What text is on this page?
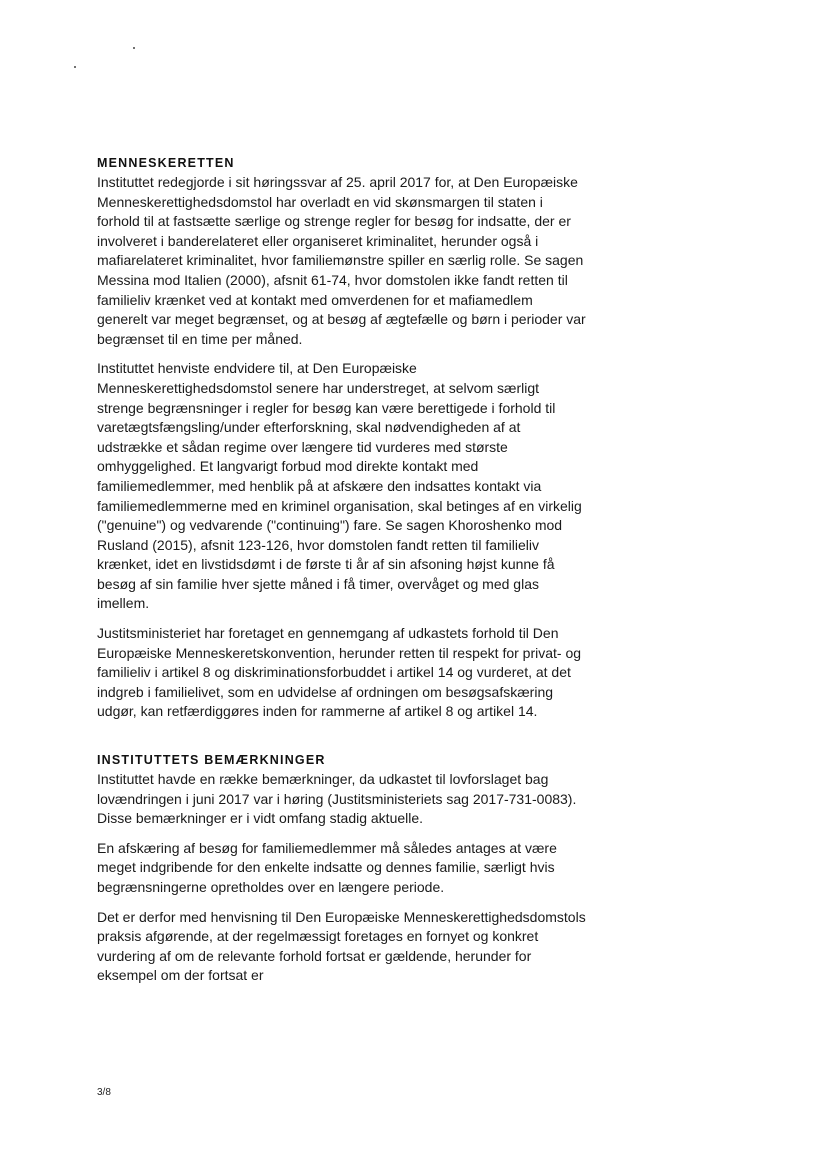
MENNESKERETTEN

Instituttet redegjorde i sit høringssvar af 25. april 2017 for, at Den Europæiske Menneskerettighedsdomstol har overladt en vid skønsmargen til staten i forhold til at fastsætte særlige og strenge regler for besøg for indsatte, der er involveret i banderelateret eller organiseret kriminalitet, herunder også i mafiarelateret kriminalitet, hvor familiemønstre spiller en særlig rolle. Se sagen Messina mod Italien (2000), afsnit 61-74, hvor domstolen ikke fandt retten til familieliv krænket ved at kontakt med omverdenen for et mafiamedlem generelt var meget begrænset, og at besøg af ægtefælle og børn i perioder var begrænset til en time per måned.

Instituttet henviste endvidere til, at Den Europæiske Menneskerettighedsdomstol senere har understreget, at selvom særligt strenge begrænsninger i regler for besøg kan være berettigede i forhold til varetægtsfængsling/under efterforskning, skal nødvendigheden af at udstrække et sådan regime over længere tid vurderes med største omhyggelighed. Et langvarigt forbud mod direkte kontakt med familiemedlemmer, med henblik på at afskære den indsattes kontakt via familiemedlemmerne med en kriminel organisation, skal betinges af en virkelig ("genuine") og vedvarende ("continuing") fare. Se sagen Khoroshenko mod Rusland (2015), afsnit 123-126, hvor domstolen fandt retten til familieliv krænket, idet en livstidsdømt i de første ti år af sin afsoning højst kunne få besøg af sin familie hver sjette måned i få timer, overvåget og med glas imellem.

Justitsministeriet har foretaget en gennemgang af udkastets forhold til Den Europæiske Menneskeretskonvention, herunder retten til respekt for privat- og familieliv i artikel 8 og diskriminationsforbuddet i artikel 14 og vurderet, at det indgreb i familielivet, som en udvidelse af ordningen om besøgsafskæring udgør, kan retfærdiggøres inden for rammerne af artikel 8 og artikel 14.

INSTITUTTETS BEMÆRKNINGER

Instituttet havde en række bemærkninger, da udkastet til lovforslaget bag lovændringen i juni 2017 var i høring (Justitsministeriets sag 2017-731-0083). Disse bemærkninger er i vidt omfang stadig aktuelle.

En afskæring af besøg for familiemedlemmer må således antages at være meget indgribende for den enkelte indsatte og dennes familie, særligt hvis begrænsningerne opretholdes over en længere periode.

Det er derfor med henvisning til Den Europæiske Menneskerettighedsdomstols praksis afgørende, at der regelmæssigt foretages en fornyet og konkret vurdering af om de relevante forhold fortsat er gældende, herunder for eksempel om der fortsat er

3/8
